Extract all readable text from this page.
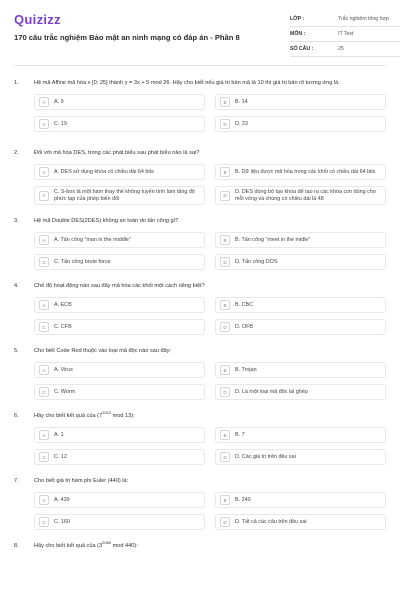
Quizizz
170 câu trắc nghiệm Bảo mật an ninh mạng có đáp án - Phần 8
LỚP :	Trắc nghiệm tổng hợp
MÔN :	IT Test
SỐ CÂU :	25
1.	Hệ mã Affine mã hóa x [0; 25] thành y = 3x + 5 mod 26. Hãy cho biết nếu giá trị bản mã là 10 thì giá trị bản rõ tương ứng là:
A	A. 9	B	B. 14
C	C. 19	D	D. 23
2.	Đối với mã hóa DES, trong các phát biểu sau phát biểu nào là sai?
A	A. DES sử dụng khóa có chiều dài 64 bits	B	B. Dữ liệu được mã hóa trong các khối có chiều dài 64 bits
C
C. S-box là một hàm thay thế không tuyến tính làm tăng độ phức tạp của phép biến đổi	D
D. DES dùng bộ tạo khóa để tạo ra các khóa con dùng cho mỗi vòng và chúng có chiều dài là 48
3.	Hệ mã Double DES(2DES) không an toàn do tấn công gì?
A	A. Tấn công "man in the middle"	B	B. Tấn công "meet in the midle"
C	C. Tấn công brute force	D	D. Tấn công DOS
4.	Chế độ hoạt động nào sau đây mã hóa các khối một cách riêng biệt?
A	A. ECB	B	B. CBC
C	C. CFB	D	D. OFB
5.	Cho biết Code Red thuộc vào loại mã độc nào sau đây:
A	A. Virus	B	B. Trojan
C	C. Worm	D	D. Là một loại mã độc lai ghép
6.	Hãy cho biết kết quả của ($7^{2010}$ mod 13):
A	A. 1	B	B. 7
C	C. 12	D	D. Các giá trị trên đều sai
7.	Cho biết giá trị hàm phi Euler (440) là:
A	A. 439	B	B. 240
C	C. 160	D	D. Tất cả các câu trên đều sai
8.	Hãy cho biết kết quả của ($3^{2086}$ mod 440):
